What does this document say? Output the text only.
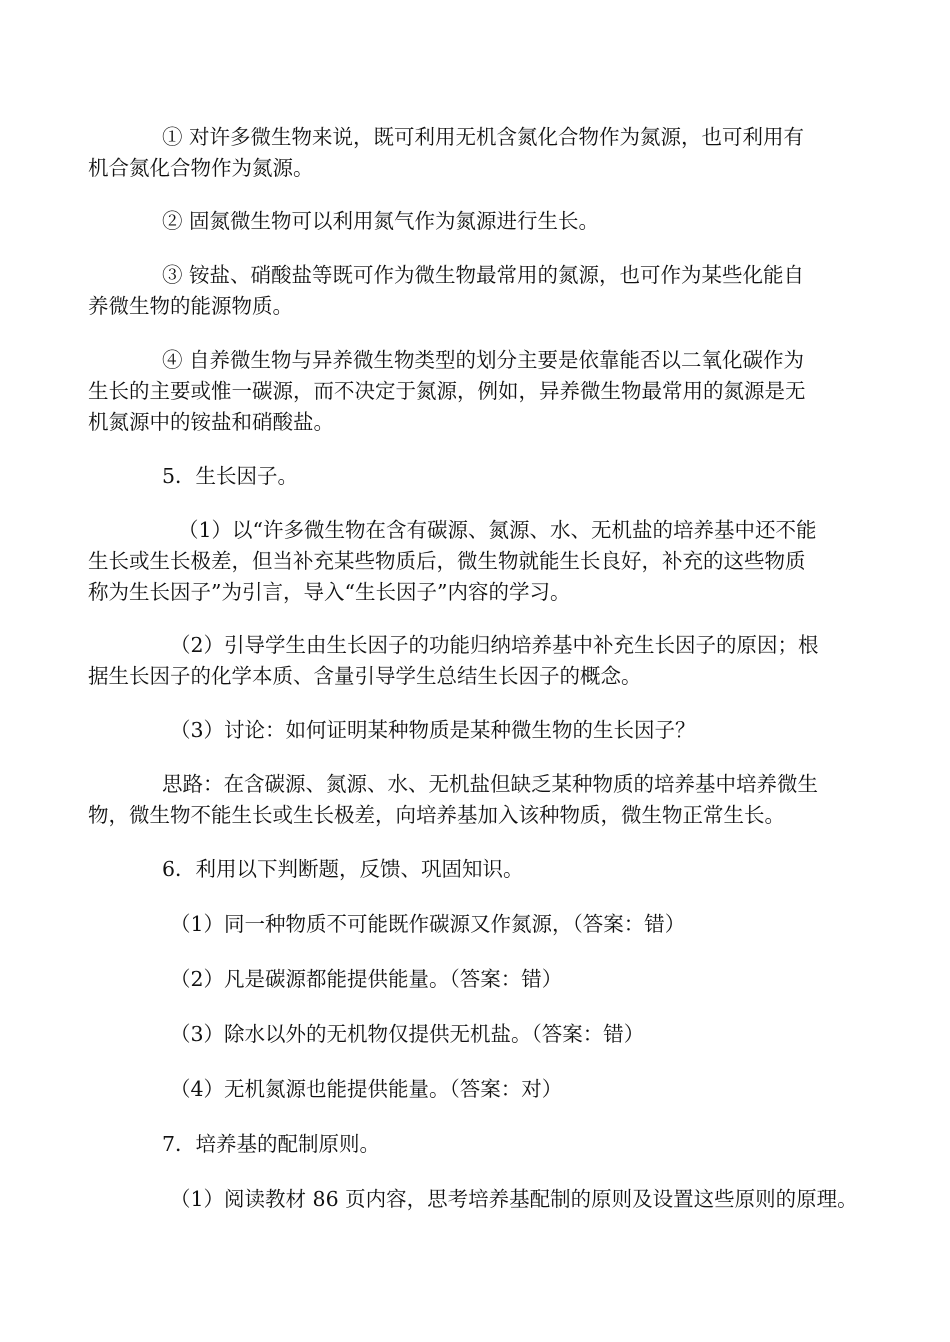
① 对许多微生物来说，既可利用无机含氮化合物作为氮源，也可利用有
机合氮化合物作为氮源。

② 固氮微生物可以利用氮气作为氮源进行生长。

③ 铵盐、硝酸盐等既可作为微生物最常用的氮源，也可作为某些化能自
养微生物的能源物质。

④ 自养微生物与异养微生物类型的划分主要是依靠能否以二氧化碳作为
生长的主要或惟一碳源，而不决定于氮源，例如，异养微生物最常用的氮源是无
机氮源中的铵盐和硝酸盐。

5．生长因子。

（1）以“许多微生物在含有碳源、氮源、水、无机盐的培养基中还不能
生长或生长极差，但当补充某些物质后，微生物就能生长良好，补充的这些物质
称为生长因子”为引言，导入“生长因子”内容的学习。

（2）引导学生由生长因子的功能归纳培养基中补充生长因子的原因；根
据生长因子的化学本质、含量引导学生总结生长因子的概念。

（3）讨论：如何证明某种物质是某种微生物的生长因子？

思路：在含碳源、氮源、水、无机盐但缺乏某种物质的培养基中培养微生
物，微生物不能生长或生长极差，向培养基加入该种物质，微生物正常生长。

6．利用以下判断题，反馈、巩固知识。

（1）同一种物质不可能既作碳源又作氮源，（答案：错）

（2）凡是碳源都能提供能量。（答案：错）

（3）除水以外的无机物仅提供无机盐。（答案：错）

（4）无机氮源也能提供能量。（答案：对）

7．培养基的配制原则。

（1）阅读教材 86 页内容，思考培养基配制的原则及设置这些原则的原理。
